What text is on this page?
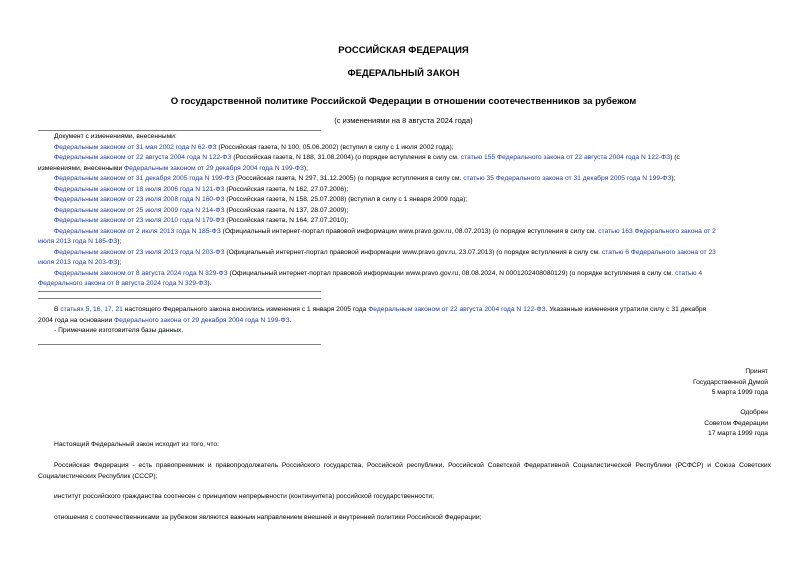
РОССИЙСКАЯ ФЕДЕРАЦИЯ
ФЕДЕРАЛЬНЫЙ ЗАКОН
О государственной политике Российской Федерации в отношении соотечественников за рубежом
(с изменениями на 8 августа 2024 года)
Документ с изменениями, внесенными:
Федеральным законом от 31 мая 2002 года N 62-ФЗ (Российская газета, N 100, 05.06.2002) (вступил в силу с 1 июля 2002 года);
Федеральным законом от 22 августа 2004 года N 122-ФЗ (Российская газета, N 188, 31.08.2004) (о порядке вступления в силу см. статью 155 Федерального закона от 22 августа 2004 года N 122-ФЗ) (с
изменениями, внесенными Федеральным законом от 29 декабря 2004 года N 199-ФЗ);
Федеральным законом от 31 декабря 2005 года N 199-ФЗ (Российская газета, N 297, 31.12.2005) (о порядке вступления в силу см. статью 35 Федерального закона от 31 декабря 2005 года N 199-ФЗ);
Федеральным законом от 18 июля 2006 года N 121-ФЗ (Российская газета, N 162, 27.07.2006);
Федеральным законом от 23 июля 2008 года N 160-ФЗ (Российская газета, N 158, 25.07.2008) (вступил в силу с 1 января 2009 года);
Федеральным законом от 25 июля 2009 года N 214-ФЗ (Российская газета, N 137, 28.07.2009);
Федеральным законом от 23 июля 2010 года N 179-ФЗ (Российская газета, N 164, 27.07.2010);
Федеральным законом от 2 июля 2013 года N 185-ФЗ (Официальный интернет-портал правовой информации www.pravo.gov.ru, 08.07.2013) (о порядке вступления в силу см. статью 163 Федерального закона от 2
июля 2013 года N 185-ФЗ);
Федеральным законом от 23 июля 2013 года N 203-ФЗ (Официальный интернет-портал правовой информации www.pravo.gov.ru, 23.07.2013) (о порядке вступления в силу см. статью 6 Федерального закона от 23
июля 2013 года N 203-ФЗ);
Федеральным законом от 8 августа 2024 года N 329-ФЗ (Официальный интернет-портал правовой информации www.pravo.gov.ru, 08.08.2024, N 0001202408080129) (о порядке вступления в силу см. статью 4
Федерального закона от 8 августа 2024 года N 329-ФЗ).
В статьях 5, 16, 17, 21 настоящего Федерального закона вносились изменения с 1 января 2005 года Федеральным законом от 22 августа 2004 года N 122-ФЗ. Указанные изменения утратили силу с 31 декабря
2004 года на основании Федерального закона от 29 декабря 2004 года N 199-ФЗ.
- Примечание изготовителя базы данных.
Принят
Государственной Думой
5 марта 1999 года
Одобрен
Советом Федерации
17 марта 1999 года
Настоящий Федеральный закон исходит из того, что:
Российская Федерация - есть правопреемник и правопродолжатель Российского государства, Российской республики, Российской Советской Федеративной Социалистической Республики (РСФСР) и Союза Советских Социалистических Республик (СССР);
институт российского гражданства соотнесен с принципом непрерывности (континуитета) российской государственности;
отношения с соотечественниками за рубежом являются важным направлением внешней и внутренней политики Российской Федерации;
